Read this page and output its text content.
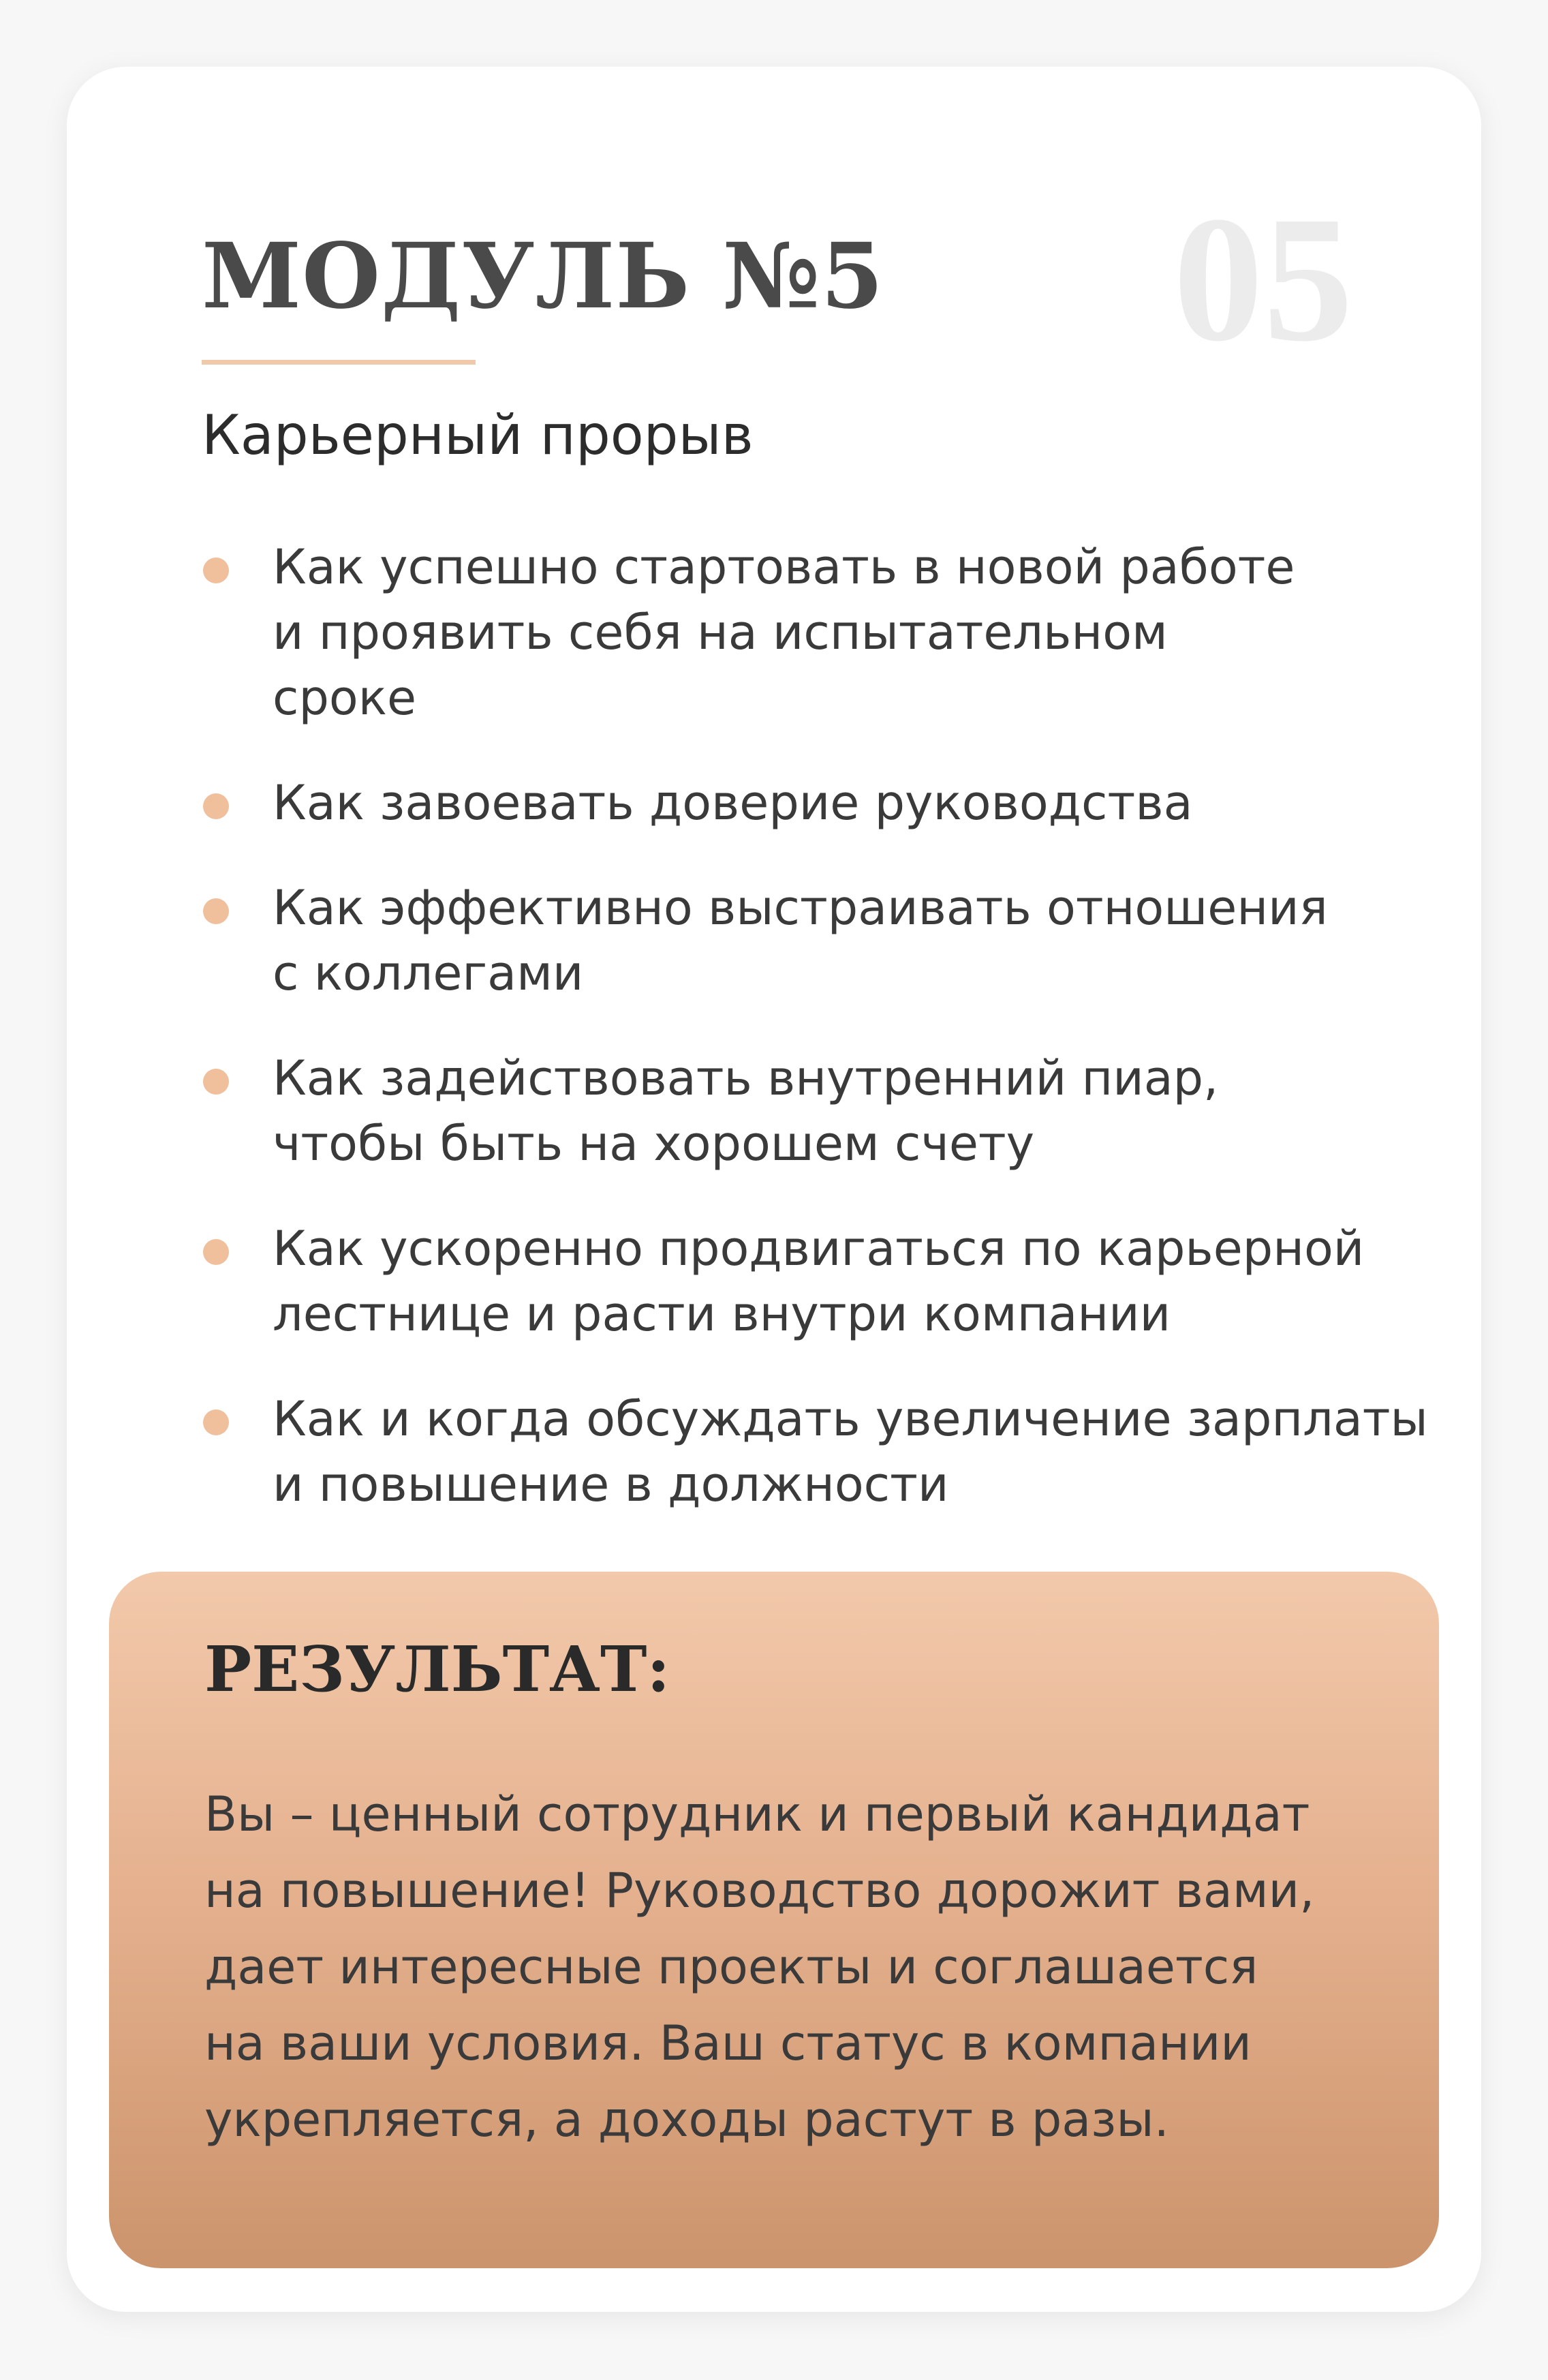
МОДУЛЬ №5 05
Карьерный прорыв
Как успешно стартовать в новой работе
и проявить себя на испытательном
сроке
Как завоевать доверие руководства
Как эффективно выстраивать отношения
с коллегами
Как задействовать внутренний пиар,
чтобы быть на хорошем счету
Как ускоренно продвигаться по карьерной
лестнице и расти внутри компании
Как и когда обсуждать увеличение зарплаты
и повышение в должности
РЕЗУЛЬТАТ:
Вы – ценный сотрудник и первый кандидат
на повышение! Руководство дорожит вами,
дает интересные проекты и соглашается
на ваши условия. Ваш статус в компании
укрепляется, а доходы растут в разы.
